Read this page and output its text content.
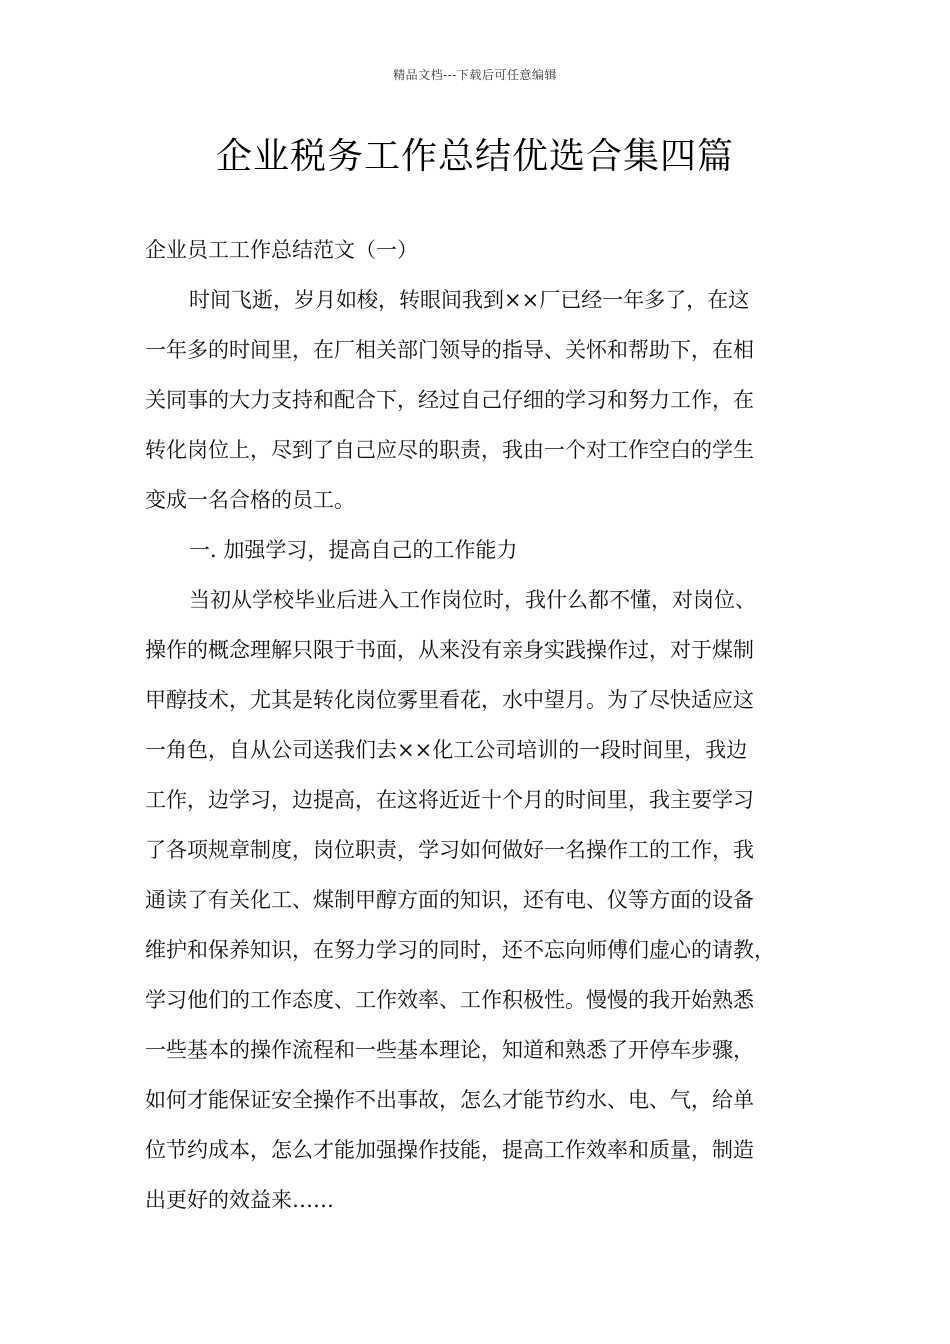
精品文档---下载后可任意编辑
企业税务工作总结优选合集四篇
企业员工工作总结范文（一）
时间飞逝，岁月如梭，转眼间我到××厂已经一年多了，在这
一年多的时间里，在厂相关部门领导的指导、关怀和帮助下，在相
关同事的大力支持和配合下，经过自己仔细的学习和努力工作，在
转化岗位上，尽到了自己应尽的职责，我由一个对工作空白的学生
变成一名合格的员工。
一. 加强学习，提高自己的工作能力
当初从学校毕业后进入工作岗位时，我什么都不懂，对岗位、
操作的概念理解只限于书面，从来没有亲身实践操作过，对于煤制
甲醇技术，尤其是转化岗位雾里看花，水中望月。为了尽快适应这
一角色，自从公司送我们去××化工公司培训的一段时间里，我边
工作，边学习，边提高，在这将近近十个月的时间里，我主要学习
了各项规章制度，岗位职责，学习如何做好一名操作工的工作，我
通读了有关化工、煤制甲醇方面的知识，还有电、仪等方面的设备
维护和保养知识，在努力学习的同时，还不忘向师傅们虚心的请教，
学习他们的工作态度、工作效率、工作积极性。慢慢的我开始熟悉
一些基本的操作流程和一些基本理论，知道和熟悉了开停车步骤，
如何才能保证安全操作不出事故，怎么才能节约水、电、气，给单
位节约成本，怎么才能加强操作技能，提高工作效率和质量，制造
出更好的效益来……
